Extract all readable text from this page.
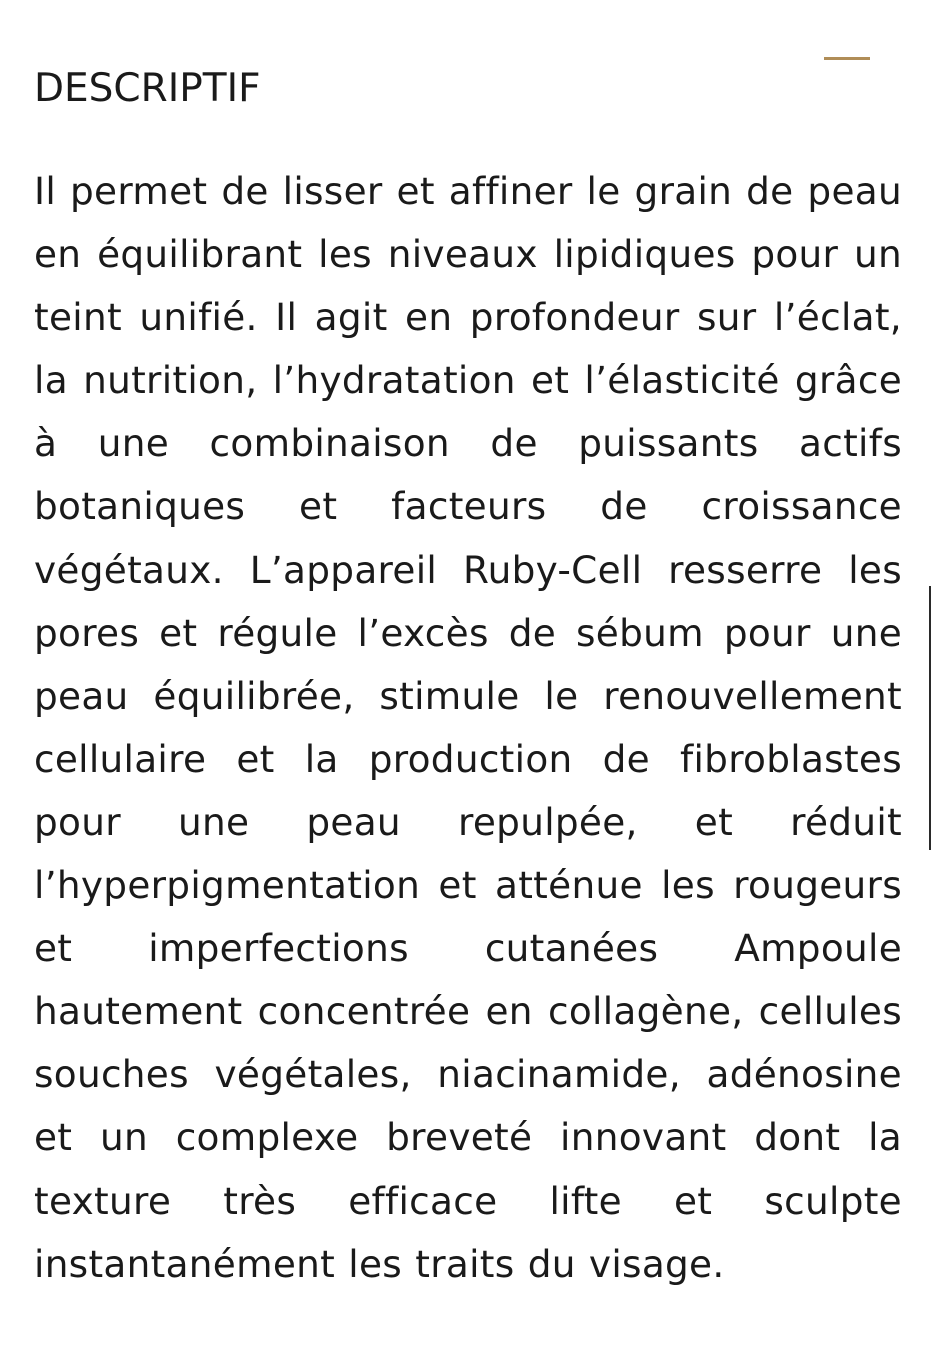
DESCRIPTIF

Il permet de lisser et affiner le grain de peau en équilibrant les niveaux lipidiques pour un teint unifié. Il agit en profondeur sur l’éclat, la nutrition, l’hydratation et l’élasticité grâce à une combinaison de puissants actifs botaniques et facteurs de croissance végétaux. L’appareil Ruby-Cell resserre les pores et régule l’excès de sébum pour une peau équilibrée, stimule le renouvellement cellulaire et la production de fibroblastes pour une peau repulpée, et réduit l’hyperpigmentation et atténue les rougeurs et imperfections cutanées Ampoule hautement concentrée en collagène, cellules souches végétales, niacinamide, adénosine et un complexe breveté innovant dont la texture très efficace lifte et sculpte instantanément les traits du visage.
